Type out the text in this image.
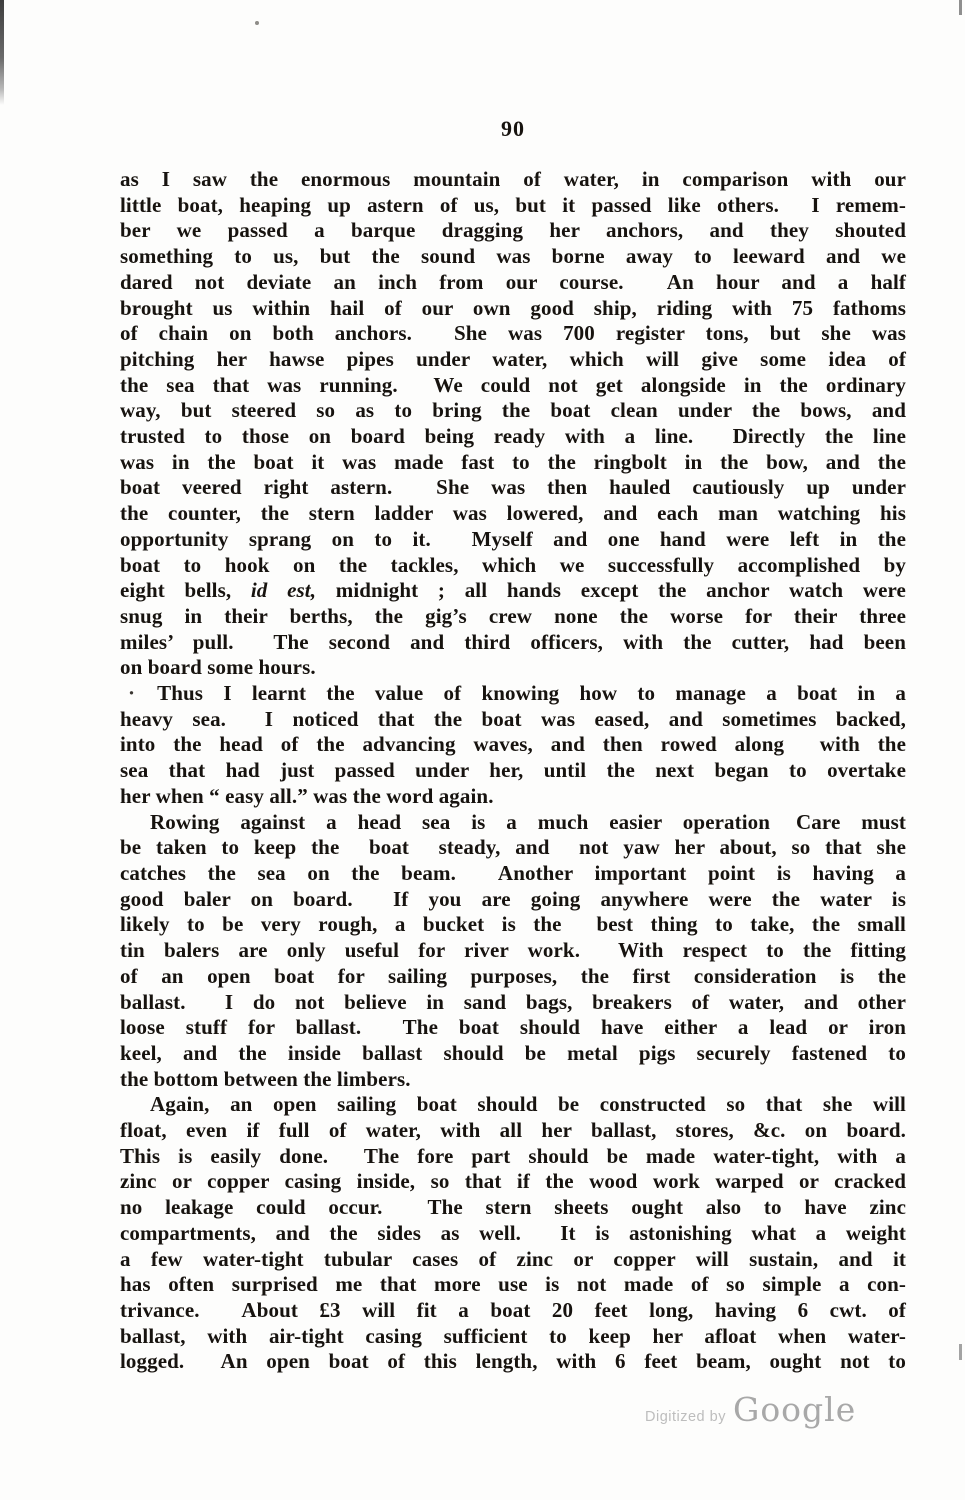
90
as I saw the enormous mountain of water, in comparison with our
little boat, heaping up astern of us, but it passed like others.  I remem-
ber we passed a barque dragging her anchors, and they shouted
something to us, but the sound was borne away to leeward and we
dared not deviate an inch from our course.  An hour and a half
brought us within hail of our own good ship, riding with 75 fathoms
of chain on both anchors.  She was 700 register tons, but she was
pitching her hawse pipes under water, which will give some idea of
the sea that was running.  We could not get alongside in the ordinary
way, but steered so as to bring the boat clean under the bows, and
trusted to those on board being ready with a line.  Directly the line
was in the boat it was made fast to the ringbolt in the bow, and the
boat veered right astern.  She was then hauled cautiously up under
the counter, the stern ladder was lowered, and each man watching his
opportunity sprang on to it.  Myself and one hand were left in the
boat to hook on the tackles, which we successfully accomplished by
eight bells, id est, midnight ; all hands except the anchor watch were
snug in their berths, the gig’s crew none the worse for their three
miles’ pull.  The second and third officers, with the cutter, had been
on board some hours.
· Thus I learnt the value of knowing how to manage a boat in a
heavy sea.  I noticed that the boat was eased, and sometimes backed,
into the head of the advancing waves, and then rowed along  with the
sea that had just passed under her, until the next began to overtake
her when “ easy all.” was the word again.
Rowing against a head sea is a much easier operation Care must
be taken to keep the  boat  steady, and  not yaw her about, so that she
catches the sea on the beam.  Another important point is having a
good baler on board.  If you are going anywhere were the water is
likely to be very rough, a bucket is the  best thing to take, the small
tin balers are only useful for river work.  With respect to the fitting
of an open boat for sailing purposes, the first consideration is the
ballast.  I do not believe in sand bags, breakers of water, and other
loose stuff for ballast.  The boat should have either a lead or iron
keel, and the inside ballast should be metal pigs securely fastened to
the bottom between the limbers.
Again, an open sailing boat should be constructed so that she will
float, even if full of water, with all her ballast, stores, &c. on board.
This is easily done.  The fore part should be made water-tight, with a
zinc or copper casing inside, so that if the wood work warped or cracked
no leakage could occur.  The stern sheets ought also to have zinc
compartments, and the sides as well.  It is astonishing what a weight
a few water-tight tubular cases of zinc or copper will sustain, and it
has often surprised me that more use is not made of so simple a con-
trivance.  About £3 will fit a boat 20 feet long, having 6 cwt. of
ballast, with air-tight casing sufficient to keep her afloat when water-
logged.  An open boat of this length, with 6 feet beam, ought not to
Digitized by Google
